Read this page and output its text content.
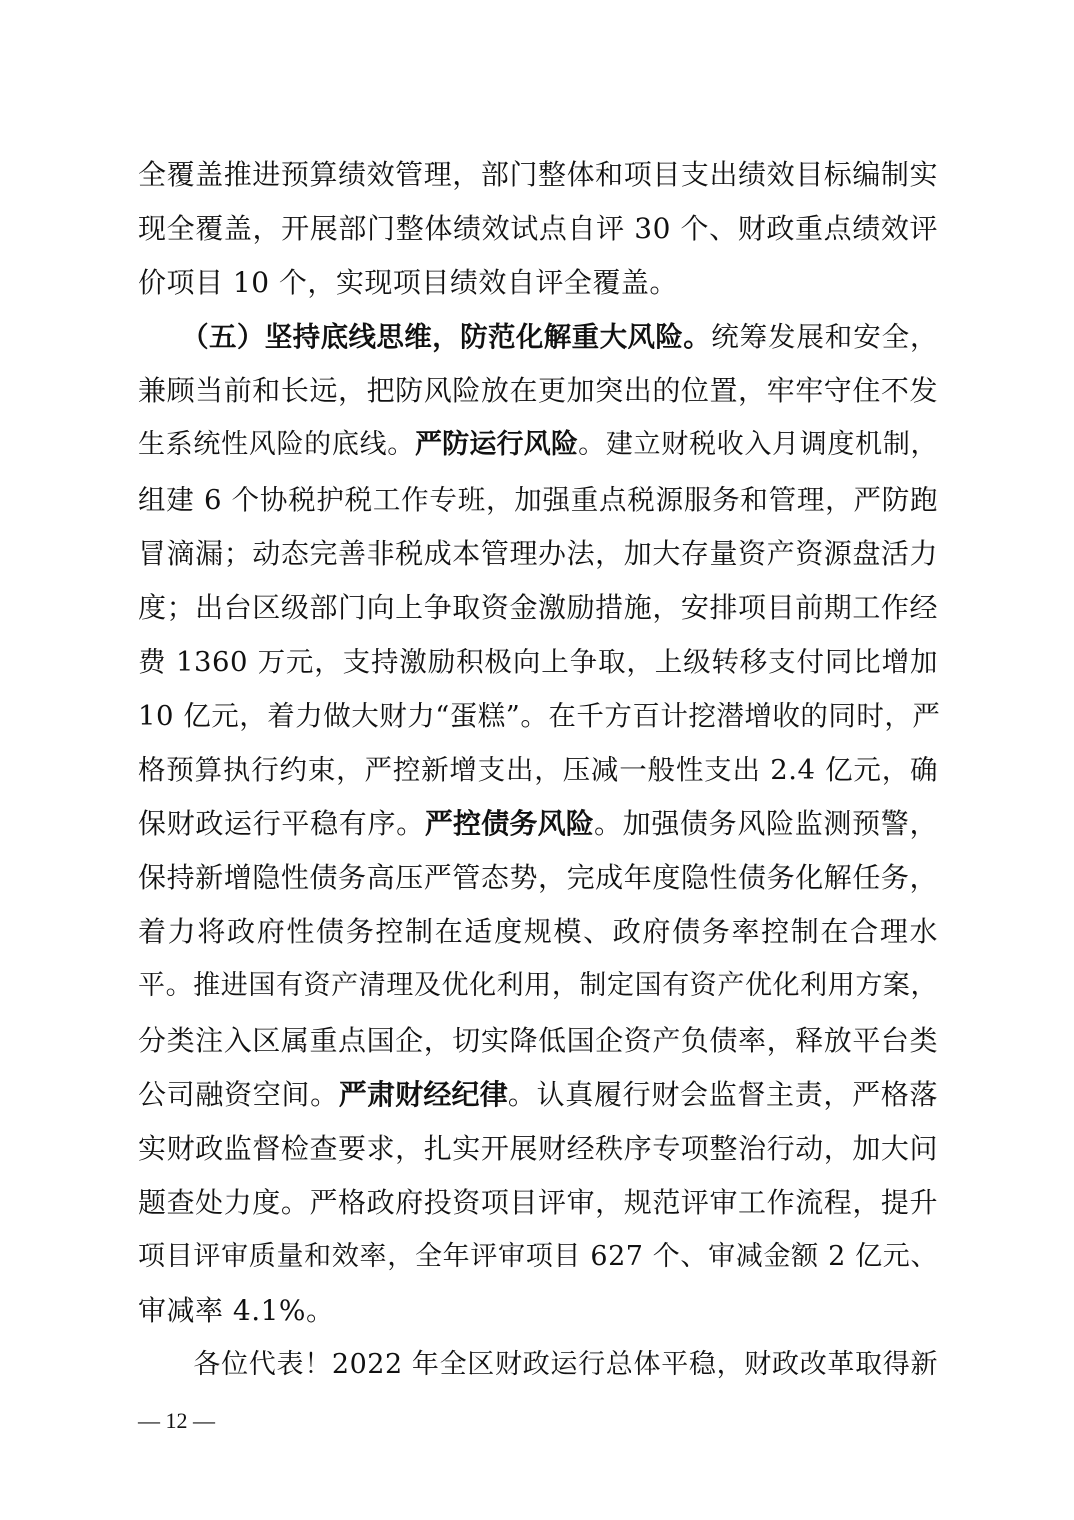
全覆盖推进预算绩效管理，部门整体和项目支出绩效目标编制实
现全覆盖，开展部门整体绩效试点自评 30 个、财政重点绩效评
价项目 10 个，实现项目绩效自评全覆盖。
　　（五）坚持底线思维，防范化解重大风险。统筹发展和安全，
兼顾当前和长远，把防风险放在更加突出的位置，牢牢守住不发
生系统性风险的底线。严防运行风险。建立财税收入月调度机制，
组建 6 个协税护税工作专班，加强重点税源服务和管理，严防跑
冒滴漏；动态完善非税成本管理办法，加大存量资产资源盘活力
度；出台区级部门向上争取资金激励措施，安排项目前期工作经
费 1360 万元，支持激励积极向上争取，上级转移支付同比增加
10 亿元，着力做大财力“蛋糕”。在千方百计挖潜增收的同时，严
格预算执行约束，严控新增支出，压减一般性支出 2.4 亿元，确
保财政运行平稳有序。严控债务风险。加强债务风险监测预警，
保持新增隐性债务高压严管态势，完成年度隐性债务化解任务，
着力将政府性债务控制在适度规模、政府债务率控制在合理水
平。推进国有资产清理及优化利用，制定国有资产优化利用方案，
分类注入区属重点国企，切实降低国企资产负债率，释放平台类
公司融资空间。严肃财经纪律。认真履行财会监督主责，严格落
实财政监督检查要求，扎实开展财经秩序专项整治行动，加大问
题查处力度。严格政府投资项目评审，规范评审工作流程，提升
项目评审质量和效率，全年评审项目 627 个、审减金额 2 亿元、
审减率 4.1%。
　　各位代表！2022 年全区财政运行总体平稳，财政改革取得新
— 12 —
